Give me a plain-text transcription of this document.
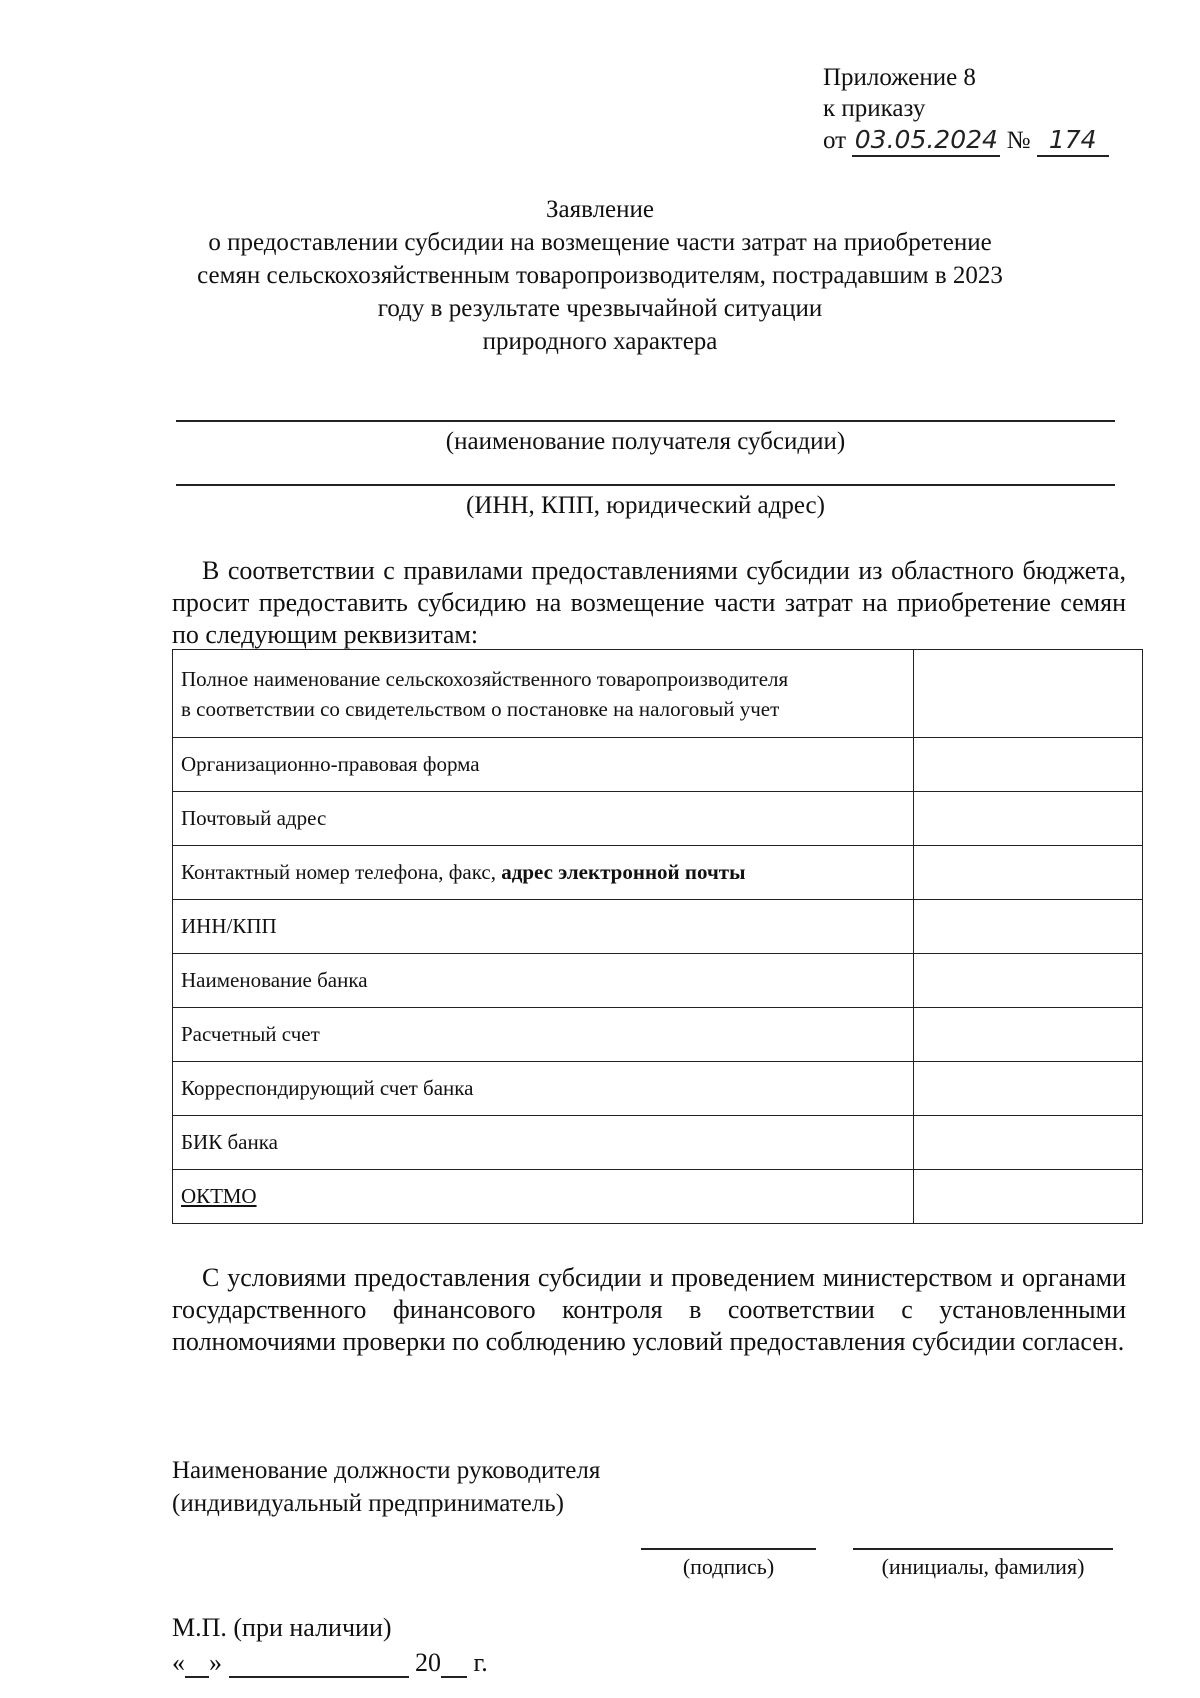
Приложение 8
к приказу
от 03.05.2024 № 174
Заявление
о предоставлении субсидии на возмещение части затрат на приобретение
семян сельскохозяйственным товаропроизводителям, пострадавшим в 2023
году в результате чрезвычайной ситуации
природного характера
(наименование получателя субсидии)
(ИНН, КПП, юридический адрес)

В соответствии с правилами предоставлениями субсидии из областного бюджета, просит предоставить субсидию на возмещение части затрат на приобретение семян по следующим реквизитам:

Полное наименование сельскохозяйственного товаропроизводителя
в соответствии со свидетельством о постановке на налоговый учет	

Организационно-правовая форма	
Почтовый адрес	
Контактный номер телефона, факс, адрес электронной почты	
ИНН/КПП	
Наименование банка	
Расчетный счет	
Корреспондирующий счет банка	
БИК банка	
ОКТМО	

С условиями предоставления субсидии и проведением министерством и органами государственного финансового контроля в соответствии с установленными полномочиями проверки по соблюдению условий предоставления субсидии согласен.

Наименование должности руководителя
(индивидуальный предприниматель)
(подпись)	(инициалы, фамилия)
М.П. (при наличии)
« »	20 г.
